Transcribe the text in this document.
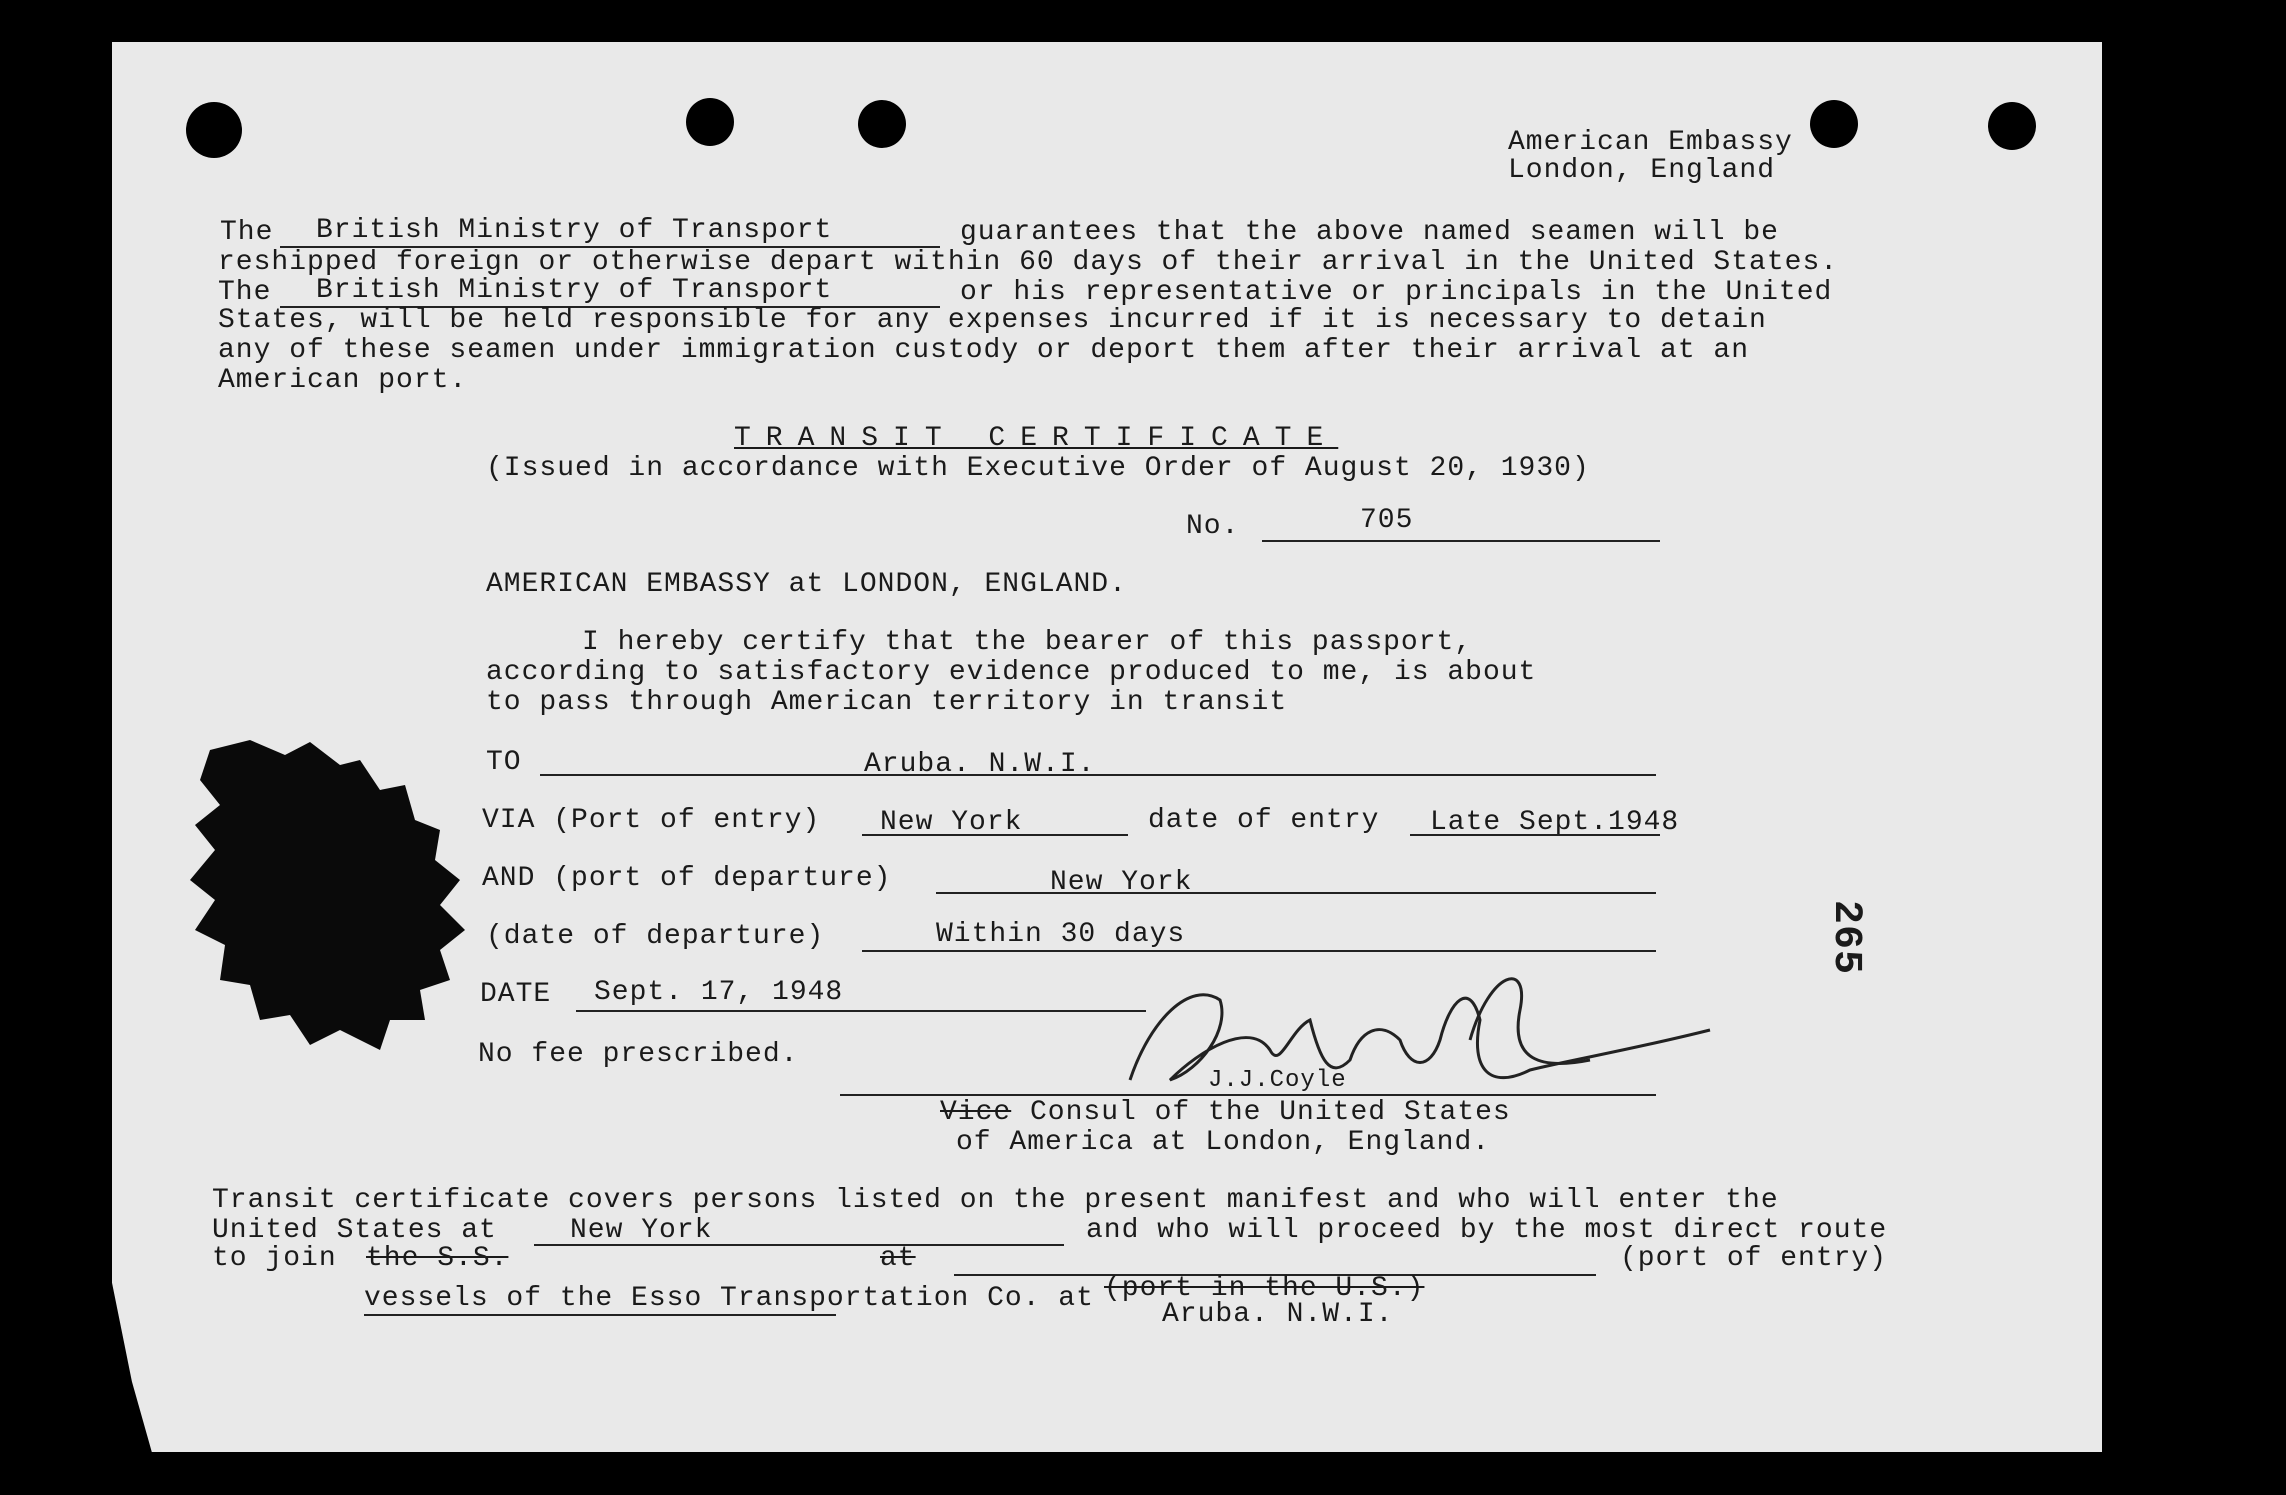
American Embassy
London, England
The British Ministry of Transport	guarantees that the above named seamen will be
reshipped foreign or otherwise depart within 60 days of their arrival in the United States.
The British Ministry of Transport	or his representative or principals in the United
States, will be held responsible for any expenses incurred if it is necessary to detain
any of these seamen under immigration custody or deport them after their arrival at an
American port.
TRANSIT CERTIFICATE
(Issued in accordance with Executive Order of August 20, 1930)
No.	705
AMERICAN EMBASSY at LONDON, ENGLAND.
I hereby certify that the bearer of this passport,
according to satisfactory evidence produced to me, is about
to pass through American territory in transit
TO	Aruba. N.W.I.
VIA (Port of entry) New York	date of entry Late Sept.1948
AND (port of departure)	New York
(date of departure)	Within 30 days
DATE Sept. 17, 1948
No fee prescribed.
J.J.Coyle
Vice Consul of the United States
of America at London, England.
Transit certificate covers persons listed on the present manifest and who will enter the
United States at	New York	and who will proceed by the most direct route
to join the S.S.	at	(port of entry)
vessels of the Esso Transportation Co. at (port in the U.S.)
Aruba. N.W.I.
265
